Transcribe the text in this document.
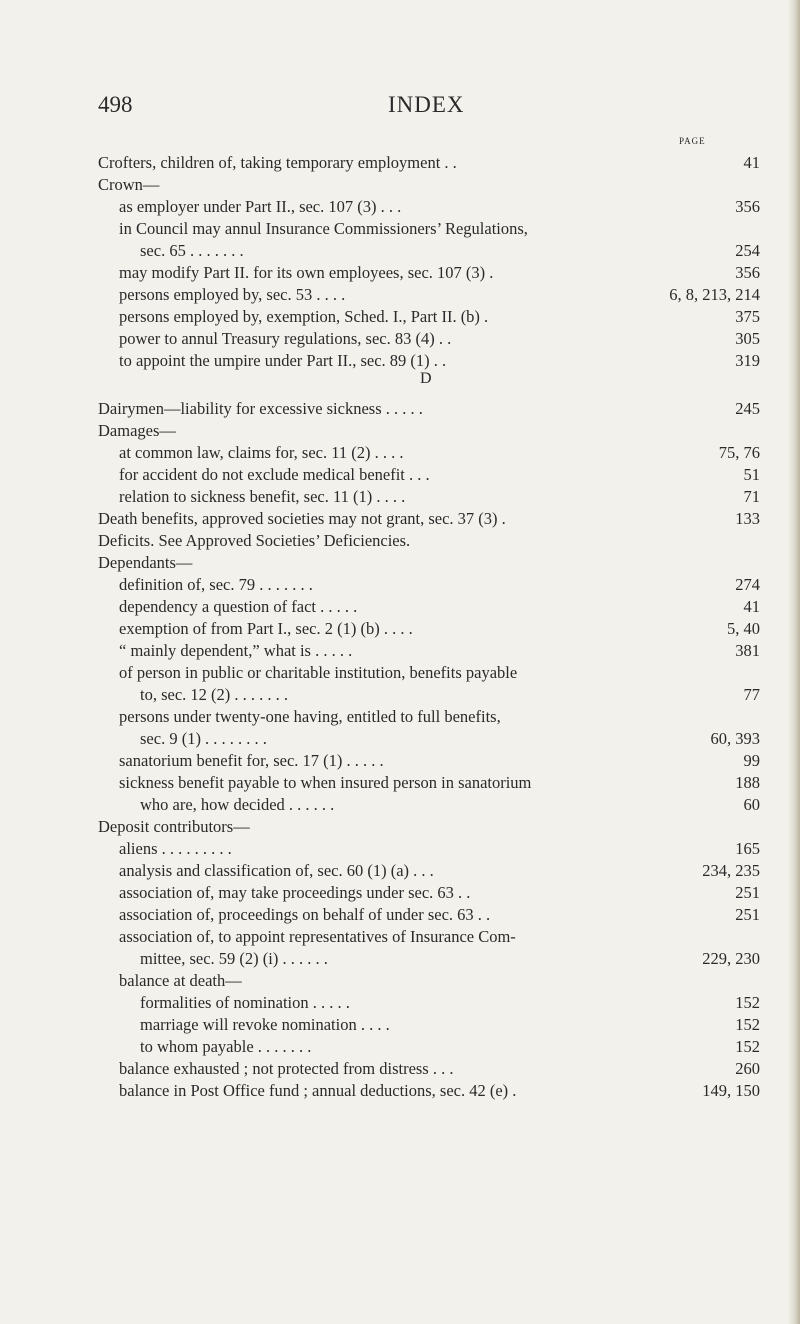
498	INDEX
PAGE
D
Crofters, children of, taking temporary employment . .	41
Crown—
as employer under Part II., sec. 107 (3) . . .	356
in Council may annul Insurance Commissioners’ Regulations,
sec. 65 . . . . . . .	254
may modify Part II. for its own employees, sec. 107 (3) .	356
persons employed by, sec. 53 . . . .	6, 8, 213, 214
persons employed by, exemption, Sched. I., Part II. (b) .	375
power to annul Treasury regulations, sec. 83 (4) . .	305
to appoint the umpire under Part II., sec. 89 (1) . .	319
Dairymen—liability for excessive sickness . . . . .	245
Damages—
at common law, claims for, sec. 11 (2) . . . .	75, 76
for accident do not exclude medical benefit . . .	51
relation to sickness benefit, sec. 11 (1) . . . .	71
Death benefits, approved societies may not grant, sec. 37 (3) .	133
Deficits. See Approved Societies’ Deficiencies.
Dependants—
definition of, sec. 79 . . . . . . .	274
dependency a question of fact . . . . .	41
exemption of from Part I., sec. 2 (1) (b) . . . .	5, 40
“ mainly dependent,” what is . . . . .	381
of person in public or charitable institution, benefits payable
to, sec. 12 (2) . . . . . . .	77
persons under twenty-one having, entitled to full benefits,
sec. 9 (1) . . . . . . . .	60, 393
sanatorium benefit for, sec. 17 (1) . . . . .	99
sickness benefit payable to when insured person in sanatorium	188
who are, how decided . . . . . .	60
Deposit contributors—
aliens . . . . . . . . .	165
analysis and classification of, sec. 60 (1) (a) . . .	234, 235
association of, may take proceedings under sec. 63 . .	251
association of, proceedings on behalf of under sec. 63 . .	251
association of, to appoint representatives of Insurance Com-
mittee, sec. 59 (2) (i) . . . . . .	229, 230
balance at death—
formalities of nomination . . . . .	152
marriage will revoke nomination . . . .	152
to whom payable . . . . . . .	152
balance exhausted ; not protected from distress . . .	260
balance in Post Office fund ; annual deductions, sec. 42 (e) .	149, 150
